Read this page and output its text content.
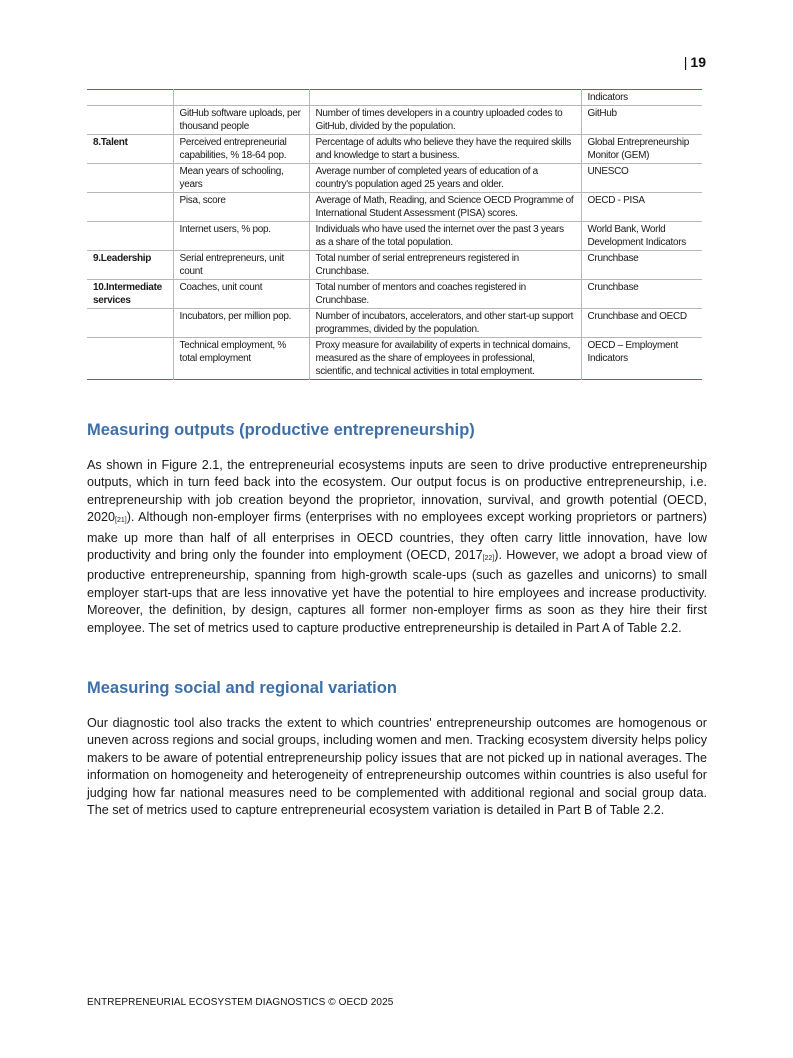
| 19
			Indicators
	GitHub software uploads, per thousand people	Number of times developers in a country uploaded codes to GitHub, divided by the population.	GitHub
8.Talent	Perceived entrepreneurial capabilities, % 18-64 pop.	Percentage of adults who believe they have the required skills and knowledge to start a business.	Global Entrepreneurship Monitor (GEM)
	Mean years of schooling, years	Average number of completed years of education of a country's population aged 25 years and older.	UNESCO
	Pisa, score	Average of Math, Reading, and Science OECD Programme of International Student Assessment (PISA) scores.	OECD - PISA
	Internet users, % pop.	Individuals who have used the internet over the past 3 years as a share of the total population.	World Bank, World Development Indicators
9.Leadership	Serial entrepreneurs, unit count	Total number of serial entrepreneurs registered in Crunchbase.	Crunchbase
10.Intermediate services	Coaches, unit count	Total number of mentors and coaches registered in Crunchbase.	Crunchbase
	Incubators, per million pop.	Number of incubators, accelerators, and other start-up support programmes, divided by the population.	Crunchbase and OECD
	Technical employment, % total employment	Proxy measure for availability of experts in technical domains, measured as the share of employees in professional, scientific, and technical activities in total employment.	OECD – Employment Indicators
Measuring outputs (productive entrepreneurship)

As shown in Figure 2.1, the entrepreneurial ecosystems inputs are seen to drive productive entrepreneurship outputs, which in turn feed back into the ecosystem. Our output focus is on productive entrepreneurship, i.e. entrepreneurship with job creation beyond the proprietor, innovation, survival, and growth potential (OECD, $2020_{[21]}$). Although non-employer firms (enterprises with no employees except working proprietors or partners) make up more than half of all enterprises in OECD countries, they often carry little innovation, have low productivity and bring only the founder into employment (OECD, $2017_{[22]}$). However, we adopt a broad view of productive entrepreneurship, spanning from high-growth scale-ups (such as gazelles and unicorns) to small employer start-ups that are less innovative yet have the potential to hire employees and increase productivity. Moreover, the definition, by design, captures all former non-employer firms as soon as they hire their first employee. The set of metrics used to capture productive entrepreneurship is detailed in Part A of Table 2.2.

Measuring social and regional variation

Our diagnostic tool also tracks the extent to which countries' entrepreneurship outcomes are homogenous or uneven across regions and social groups, including women and men. Tracking ecosystem diversity helps policy makers to be aware of potential entrepreneurship policy issues that are not picked up in national averages. The information on homogeneity and heterogeneity of entrepreneurship outcomes within countries is also useful for judging how far national measures need to be complemented with additional regional and social group data. The set of metrics used to capture entrepreneurial ecosystem variation is detailed in Part B of Table 2.2.

ENTREPRENEURIAL ECOSYSTEM DIAGNOSTICS © OECD 2025
